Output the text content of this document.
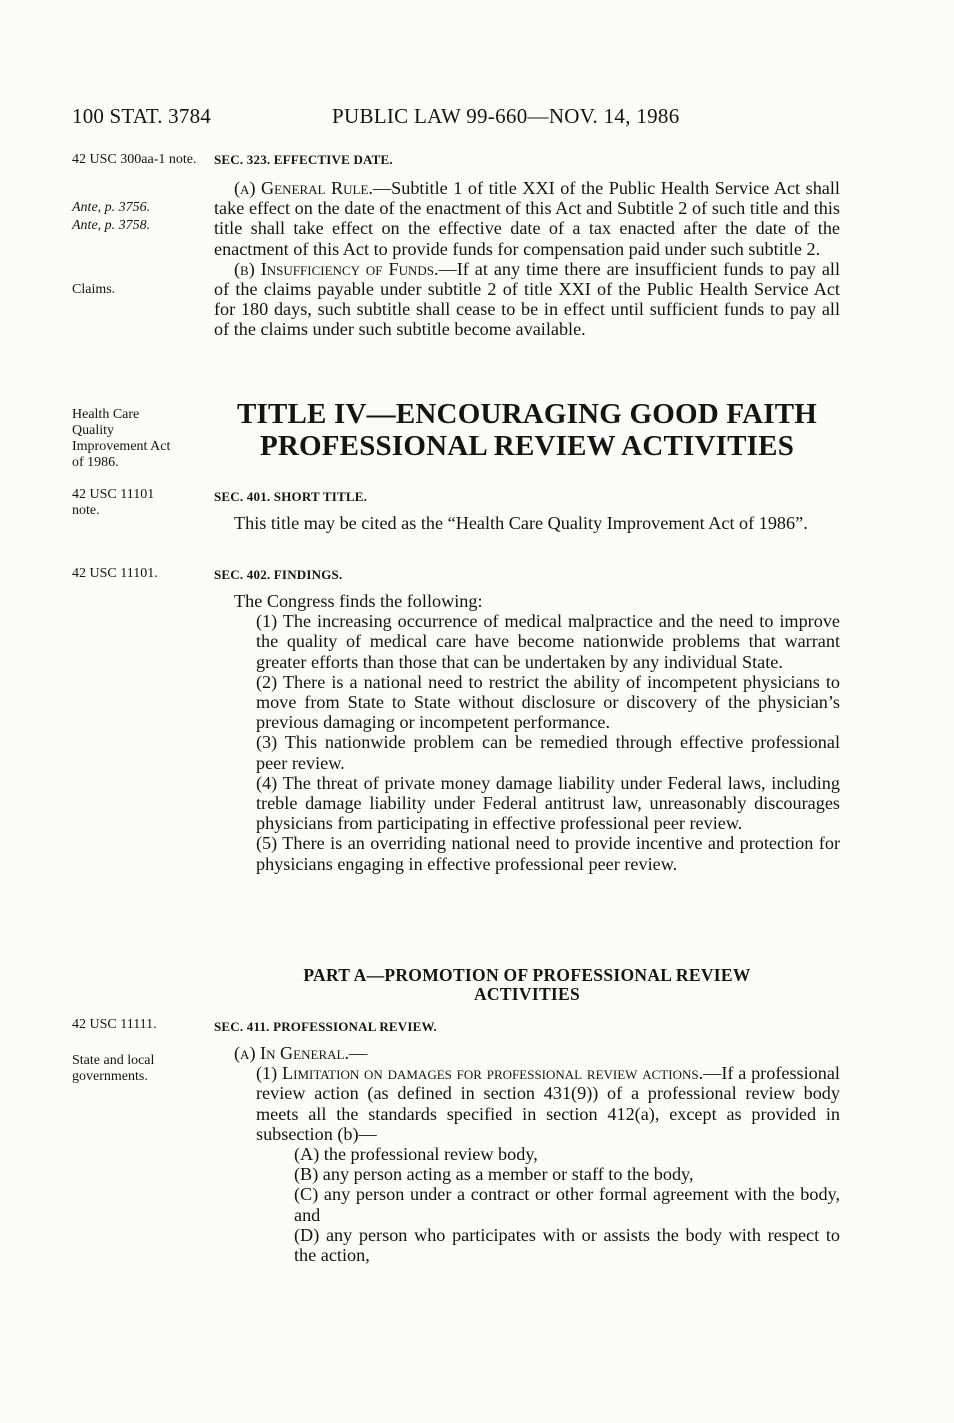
100 STAT. 3784	PUBLIC LAW 99-660—NOV. 14, 1986
42 USC 300aa-1 note.
Ante, p. 3756.
Ante, p. 3758.
Claims.
Health Care Quality Improvement Act of 1986.
42 USC 11101 note.
42 USC 11101.
42 USC 11111.
State and local governments.
SEC. 323. EFFECTIVE DATE.

(a) General Rule.—Subtitle 1 of title XXI of the Public Health Service Act shall take effect on the date of the enactment of this Act and Subtitle 2 of such title and this title shall take effect on the effective date of a tax enacted after the date of the enactment of this Act to provide funds for compensation paid under such subtitle 2.

(b) Insufficiency of Funds.—If at any time there are insufficient funds to pay all of the claims payable under subtitle 2 of title XXI of the Public Health Service Act for 180 days, such subtitle shall cease to be in effect until sufficient funds to pay all of the claims under such subtitle become available.

TITLE IV—ENCOURAGING GOOD FAITH
PROFESSIONAL REVIEW ACTIVITIES
SEC. 401. SHORT TITLE.

This title may be cited as the “Health Care Quality Improvement Act of 1986”.

SEC. 402. FINDINGS.

The Congress finds the following:

(1) The increasing occurrence of medical malpractice and the need to improve the quality of medical care have become nationwide problems that warrant greater efforts than those that can be undertaken by any individual State.

(2) There is a national need to restrict the ability of incompetent physicians to move from State to State without disclosure or discovery of the physician’s previous damaging or incompetent performance.

(3) This nationwide problem can be remedied through effective professional peer review.

(4) The threat of private money damage liability under Federal laws, including treble damage liability under Federal antitrust law, unreasonably discourages physicians from participating in effective professional peer review.

(5) There is an overriding national need to provide incentive and protection for physicians engaging in effective professional peer review.

PART A—PROMOTION OF PROFESSIONAL REVIEW
ACTIVITIES
SEC. 411. PROFESSIONAL REVIEW.

(a) In General.—

(1) Limitation on damages for professional review actions.—If a professional review action (as defined in section 431(9)) of a professional review body meets all the standards specified in section 412(a), except as provided in subsection (b)—

(A) the professional review body,

(B) any person acting as a member or staff to the body,

(C) any person under a contract or other formal agreement with the body, and

(D) any person who participates with or assists the body with respect to the action,
